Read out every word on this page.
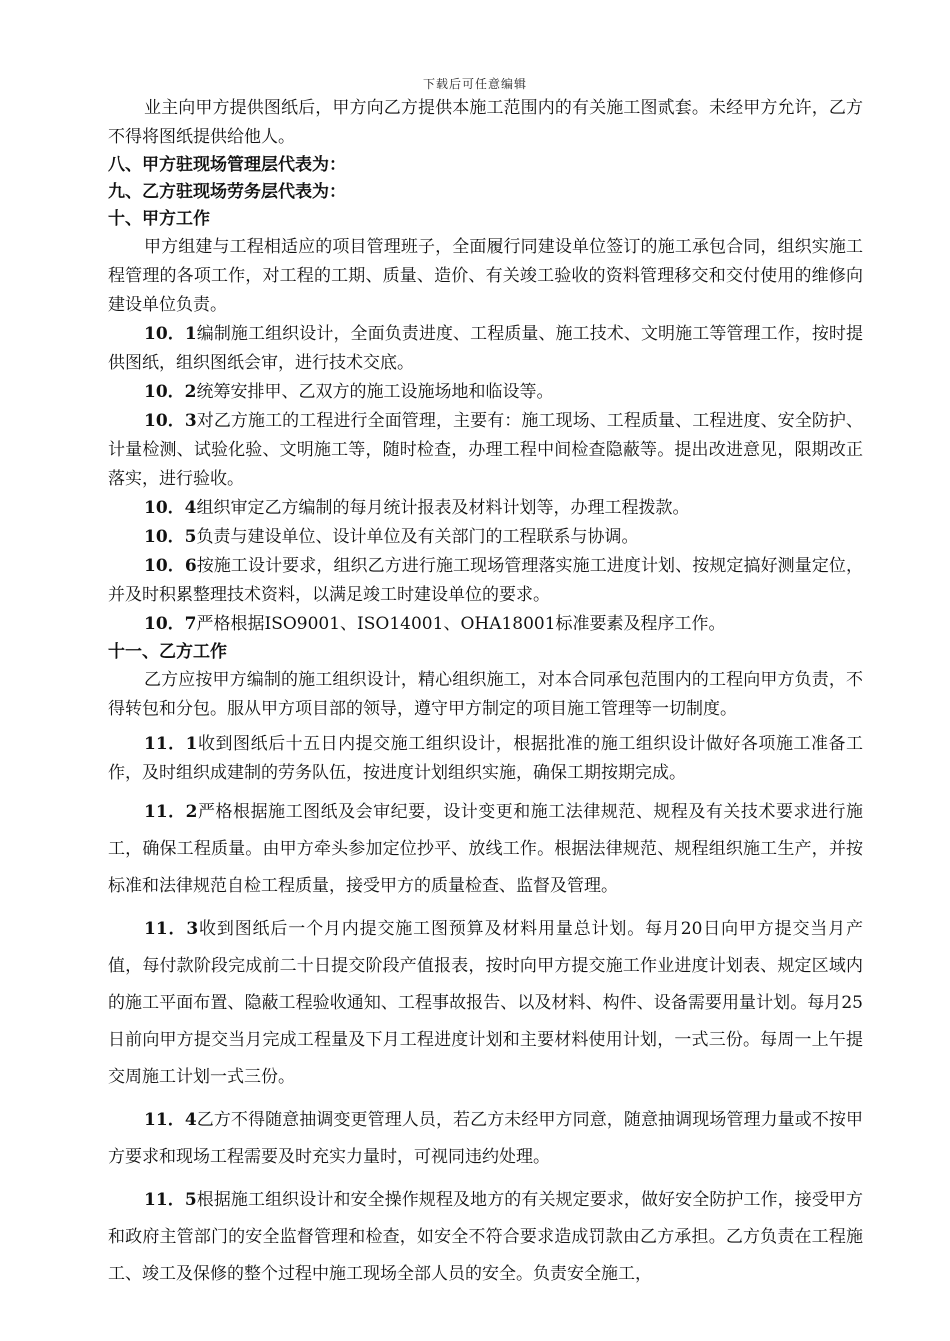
下载后可任意编辑
业主向甲方提供图纸后，甲方向乙方提供本施工范围内的有关施工图贰套。未经甲方允许，乙方不得将图纸提供给他人。
八、甲方驻现场管理层代表为：
九、乙方驻现场劳务层代表为：
十、甲方工作
甲方组建与工程相适应的项目管理班子，全面履行同建设单位签订的施工承包合同，组织实施工程管理的各项工作，对工程的工期、质量、造价、有关竣工验收的资料管理移交和交付使用的维修向建设单位负责。
10．1编制施工组织设计，全面负责进度、工程质量、施工技术、文明施工等管理工作，按时提供图纸，组织图纸会审，进行技术交底。
10．2统筹安排甲、乙双方的施工设施场地和临设等。
10．3对乙方施工的工程进行全面管理，主要有：施工现场、工程质量、工程进度、安全防护、计量检测、试验化验、文明施工等，随时检查，办理工程中间检查隐蔽等。提出改进意见，限期改正落实，进行验收。
10．4组织审定乙方编制的每月统计报表及材料计划等，办理工程拨款。
10．5负责与建设单位、设计单位及有关部门的工程联系与协调。
10．6按施工设计要求，组织乙方进行施工现场管理落实施工进度计划、按规定搞好测量定位，并及时积累整理技术资料，以满足竣工时建设单位的要求。
10．7严格根据ISO9001、ISO14001、OHA18001标准要素及程序工作。
十一、乙方工作
乙方应按甲方编制的施工组织设计，精心组织施工，对本合同承包范围内的工程向甲方负责，不得转包和分包。服从甲方项目部的领导，遵守甲方制定的项目施工管理等一切制度。
11．1收到图纸后十五日内提交施工组织设计，根据批准的施工组织设计做好各项施工准备工作，及时组织成建制的劳务队伍，按进度计划组织实施，确保工期按期完成。
11．2严格根据施工图纸及会审纪要，设计变更和施工法律规范、规程及有关技术要求进行施工，确保工程质量。由甲方牵头参加定位抄平、放线工作。根据法律规范、规程组织施工生产，并按标准和法律规范自检工程质量，接受甲方的质量检查、监督及管理。
11．3收到图纸后一个月内提交施工图预算及材料用量总计划。每月20日向甲方提交当月产值，每付款阶段完成前二十日提交阶段产值报表，按时向甲方提交施工作业进度计划表、规定区域内的施工平面布置、隐蔽工程验收通知、工程事故报告、以及材料、构件、设备需要用量计划。每月25日前向甲方提交当月完成工程量及下月工程进度计划和主要材料使用计划，一式三份。每周一上午提交周施工计划一式三份。
11．4乙方不得随意抽调变更管理人员，若乙方未经甲方同意，随意抽调现场管理力量或不按甲方要求和现场工程需要及时充实力量时，可视同违约处理。
11．5根据施工组织设计和安全操作规程及地方的有关规定要求，做好安全防护工作，接受甲方和政府主管部门的安全监督管理和检查，如安全不符合要求造成罚款由乙方承担。乙方负责在工程施工、竣工及保修的整个过程中施工现场全部人员的安全。负责安全施工，
